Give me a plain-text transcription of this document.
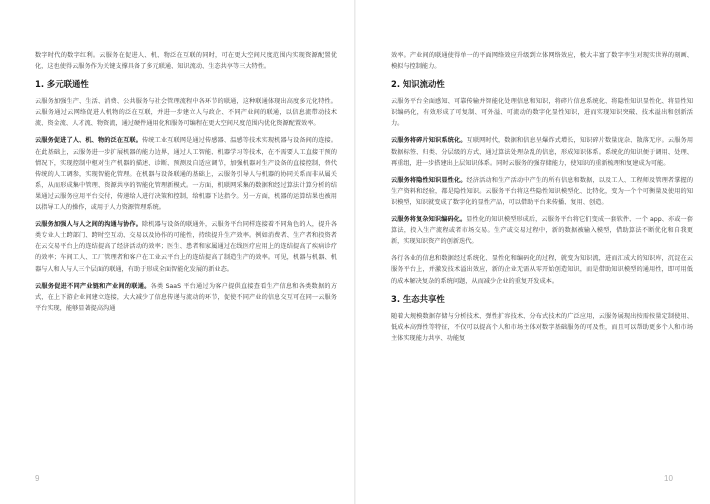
数字时代的数字红利。云服务在促进人、机、物泛在互联的同时，可在更大空间尺度范围内实现资源配置优化，这也使得云服务作为关键支撑具备了多元联通、知识流动、生态共享等三大特性。

1. 多元联通性

云服务加强生产、生活、消费、公共服务与社会管理流程中各环节的联通，这种联通体现出高度多元化特性。云服务通过云网络促进人机物的泛在互联，并进一步建立人与政企、不同产业间的联通，以信息流带动技术流、资金流、人才流、物资流，通过硬件通用化和服务可编程在更大空间尺度范围内优化资源配置效率。

云服务促进了人、机、物的泛在互联。传统工业互联网是通过传感器、温感等技术实现机器与设备间的连接。在此基础上，云服务进一步扩展机器的能力边界，通过人工智能、机器学习等技术，在不需要人工直接干预的情况下，实现控制中枢对生产机器的描述、诊断、预测及自适应调节，加强机器对生产设备的直接控制，替代传统的人工调参，实现智能化管理。在机器与设备联通的基础上，云服务引导人与机器的协同关系而非从属关系，从而形成集中管理、资源共享的智能化管理新模式。一方面，机联网采集的数据和经过算法计算分析的结果通过云服务应用平台交付，传递给人进行决策和控制，给机器下达指令。另一方面，机器的运算结果也被用以指导工人的操作，或用于人力资源管理系统。

云服务加强人与人之间的沟通与协作。除机器与设备的联通外，云服务平台同样连接着不同角色的人，提升各类专业人士跨部门、跨时空互动、交易以及协作的可能性，持续提升生产效率。例如消费者、生产者和投资者在云交易平台上的连结提高了经济活动的效率；医生、患者和家属通过在线医疗应用上的连结提高了疾病诊疗的效率；车间工人、工厂管理者和客户在工业云平台上的连结提高了制造生产的效率。可见，机器与机器、机器与人和人与人三个层面的联通，有助于形成全面智能化发展的新业态。

云服务促进不同产业链和产业间的联通。各类 SaaS 平台通过为客户提供直接查看生产信息和各类数据的方式，在上下游企业间建立连接，大大减少了信息传递与流动的环节，促使不同产业的信息交互可在同一云服务平台实现，能够显著提高沟通

效率。产业间的联通使得单一的平面网络效应升级到立体网络效应，极大丰富了数字孪生对现实世界的刻画、模拟与控制能力。

2. 知识流动性

云服务平台全面感知、可靠传输并智能化处理信息和知识，将碎片信息系统化、将隐性知识显性化、将显性知识编码化，有效形成了可复制、可外溢、可流动的数字化显性知识，进而实现知识突破、技术溢出和创新活力。

云服务将碎片知识系统化。互联网时代，数据和信息呈爆炸式增长，知识碎片数量庞杂、散落无序。云服务用数据标签、归类、分层级的方式，通过算法处理杂乱的信息，形成知识体系。系统化的知识便于调用、处理、再重组，进一步搭建出上层知识体系。同时云服务的强存储能力，使知识的重新梳理和复建成为可能。

云服务将隐性知识显性化。经济活动和生产活动中产生的所有信息和数据，以及工人、工程师及管理者掌握的生产资料和经验，都是隐性知识。云服务平台将这些隐性知识模型化、比特化，变为一个个可衡量及使用的知识模型，知识就变成了数字化的显性产品，可以借助平台来传播、复用、创造。

云服务将复杂知识编码化。显性化的知识模型形成后，云服务平台将它们变成一套软件、一个 app、亦或一套算法，投入生产流程或者市场交易。生产或交易过程中，新的数据被输入模型，借助算法不断优化和自我更新，实现知识资产的创新迭代。

各行各业的信息和数据经过系统化、显性化和编码化的过程，就变为知识流，进而汇成大的知识库，沉淀在云服务平台上，并激发技术溢出效应，新的企业无需从零开始创造知识，而是借助知识模型的通用性，即可用低的成本解决复杂的系统问题，从而减少企业的重复开发成本。

3. 生态共享性

随着大规模数据存储与分析技术、弹性扩容技术、分布式技术的广泛应用，云服务展现出按需按量定制使用、低成本高弹性等特征，不仅可以提高个人和市场主体对数字基础服务的可及性，而且可以帮助更多个人和市场主体实现能力共享、功能复

9	10
